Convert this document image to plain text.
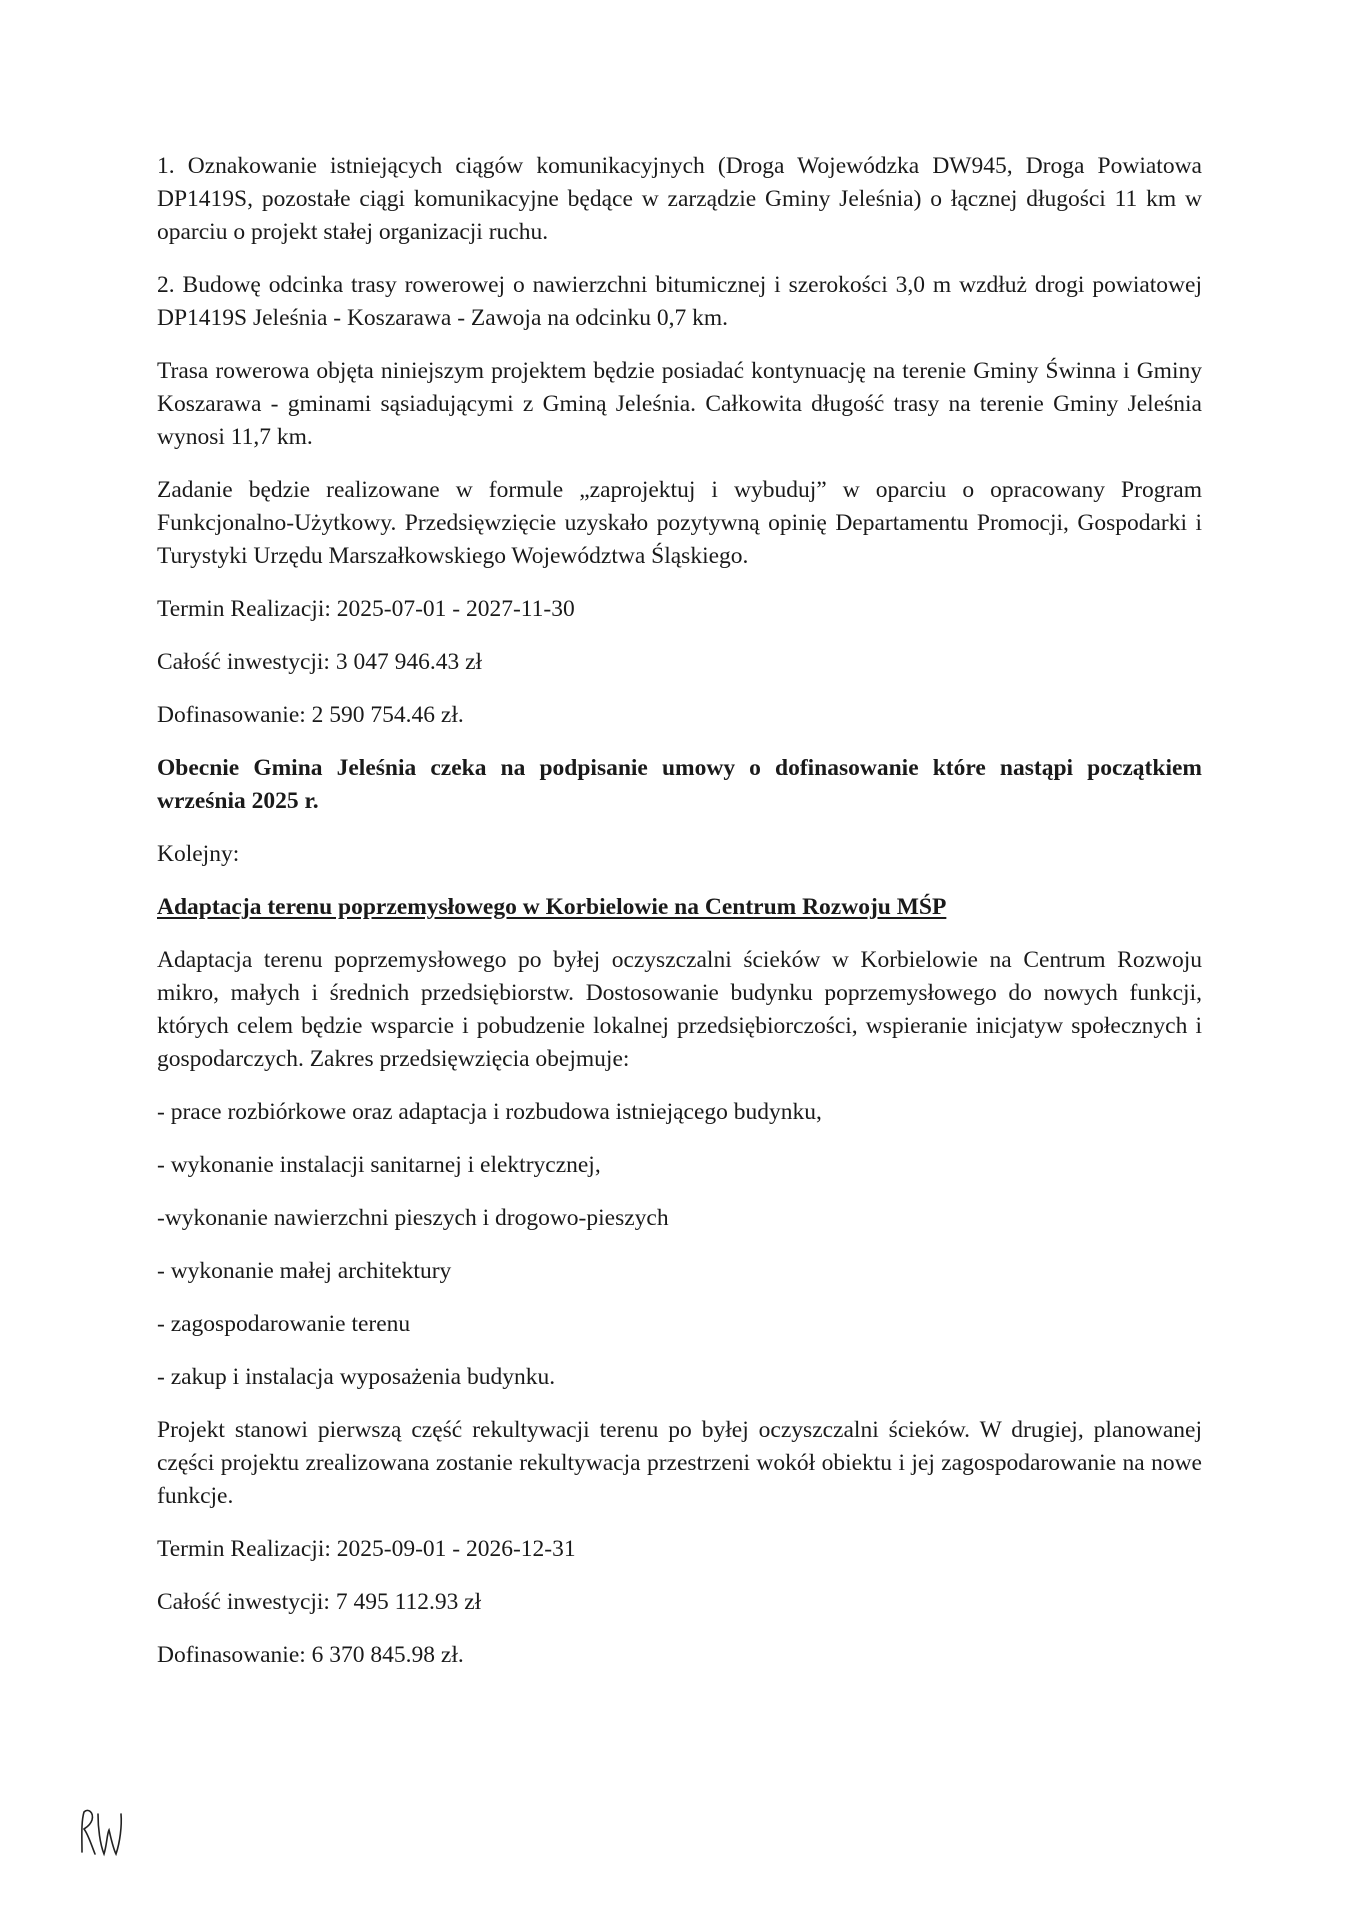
1. Oznakowanie istniejących ciągów komunikacyjnych (Droga Wojewódzka DW945, Droga Powiatowa DP1419S, pozostałe ciągi komunikacyjne będące w zarządzie Gminy Jeleśnia) o łącznej długości 11 km w oparciu o projekt stałej organizacji ruchu.

2. Budowę odcinka trasy rowerowej o nawierzchni bitumicznej i szerokości 3,0 m wzdłuż drogi powiatowej DP1419S Jeleśnia - Koszarawa - Zawoja na odcinku 0,7 km.

Trasa rowerowa objęta niniejszym projektem będzie posiadać kontynuację na terenie Gminy Świnna i Gminy Koszarawa - gminami sąsiadującymi z Gminą Jeleśnia. Całkowita długość trasy na terenie Gminy Jeleśnia wynosi 11,7 km.

Zadanie będzie realizowane w formule „zaprojektuj i wybuduj” w oparciu o opracowany Program Funkcjonalno-Użytkowy. Przedsięwzięcie uzyskało pozytywną opinię Departamentu Promocji, Gospodarki i Turystyki Urzędu Marszałkowskiego Województwa Śląskiego.

Termin Realizacji: 2025-07-01 - 2027-11-30

Całość inwestycji: 3 047 946.43 zł

Dofinasowanie: 2 590 754.46 zł.

Obecnie Gmina Jeleśnia czeka na podpisanie umowy o dofinasowanie które nastąpi początkiem września 2025 r.

Kolejny:

Adaptacja terenu poprzemysłowego w Korbielowie na Centrum Rozwoju MŚP

Adaptacja terenu poprzemysłowego po byłej oczyszczalni ścieków w Korbielowie na Centrum Rozwoju mikro, małych i średnich przedsiębiorstw. Dostosowanie budynku poprzemysłowego do nowych funkcji, których celem będzie wsparcie i pobudzenie lokalnej przedsiębiorczości, wspieranie inicjatyw społecznych i gospodarczych. Zakres przedsięwzięcia obejmuje:

- prace rozbiórkowe oraz adaptacja i rozbudowa istniejącego budynku,

- wykonanie instalacji sanitarnej i elektrycznej,

-wykonanie nawierzchni pieszych i drogowo-pieszych

- wykonanie małej architektury

- zagospodarowanie terenu

- zakup i instalacja wyposażenia budynku.

Projekt stanowi pierwszą część rekultywacji terenu po byłej oczyszczalni ścieków. W drugiej, planowanej części projektu zrealizowana zostanie rekultywacja przestrzeni wokół obiektu i jej zagospodarowanie na nowe funkcje.

Termin Realizacji: 2025-09-01 - 2026-12-31

Całość inwestycji: 7 495 112.93 zł

Dofinasowanie: 6 370 845.98 zł.
